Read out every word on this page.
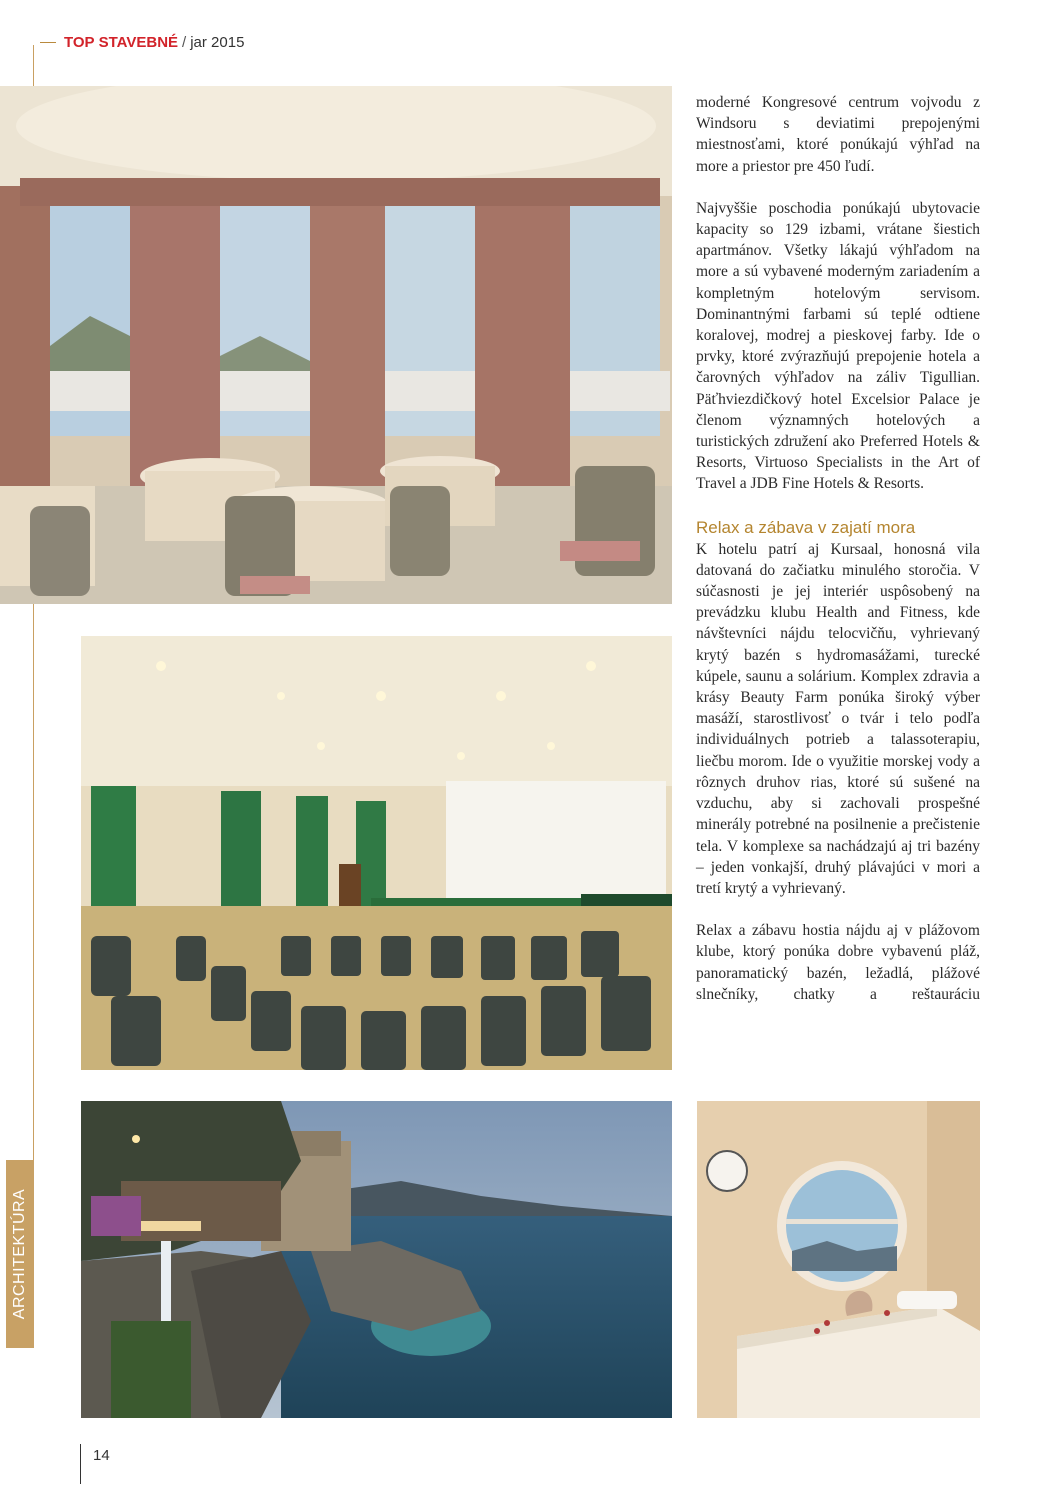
TOP STAVEBNÉ / jar 2015
ARCHITEKTÚRA

moderné Kongresové centrum vojvodu z Windsoru s deviatimi prepojenými miestnosťami, ktoré ponúkajú výhľad na more a priestor pre 450 ľudí.

Najvyššie poschodia ponúkajú ubytovacie kapacity so 129 izbami, vrátane šiestich apartmánov. Všetky lákajú výhľadom na more a sú vybavené moderným zariadením a kompletným hotelovým servisom. Dominantnými farbami sú teplé odtiene koralovej, modrej a pieskovej farby. Ide o prvky, ktoré zvýrazňujú prepojenie hotela a čarovných výhľadov na záliv Tigullian. Päťhviezdičkový hotel Excelsior Palace je členom významných hotelových a turistických združení ako Preferred Hotels & Resorts, Virtuoso Specialists in the Art of Travel a JDB Fine Hotels & Resorts.

Relax a zábava v zajatí mora

K hotelu patrí aj Kursaal, honosná vila datovaná do začiatku minulého storočia. V súčasnosti je jej interiér uspôsobený na prevádzku klubu Health and Fitness, kde návštevníci nájdu telocvičňu, vyhrievaný krytý bazén s hydromasážami, turecké kúpele, saunu a solárium. Komplex zdravia a krásy Beauty Farm ponúka široký výber masáží, starostlivosť o tvár i telo podľa individuálnych potrieb a talassoterapiu, liečbu morom. Ide o využitie morskej vody a rôznych druhov rias, ktoré sú sušené na vzduchu, aby si zachovali prospešné minerály potrebné na posilnenie a prečistenie tela. V komplexe sa nachádzajú aj tri bazény – jeden vonkajší, druhý plávajúci v mori a tretí krytý a vyhrievaný.

Relax a zábavu hostia nájdu aj v plážovom klube, ktorý ponúka dobre vybavenú pláž, panoramatický bazén, ležadlá, plážové slnečníky, chatky a reštauráciu

14
